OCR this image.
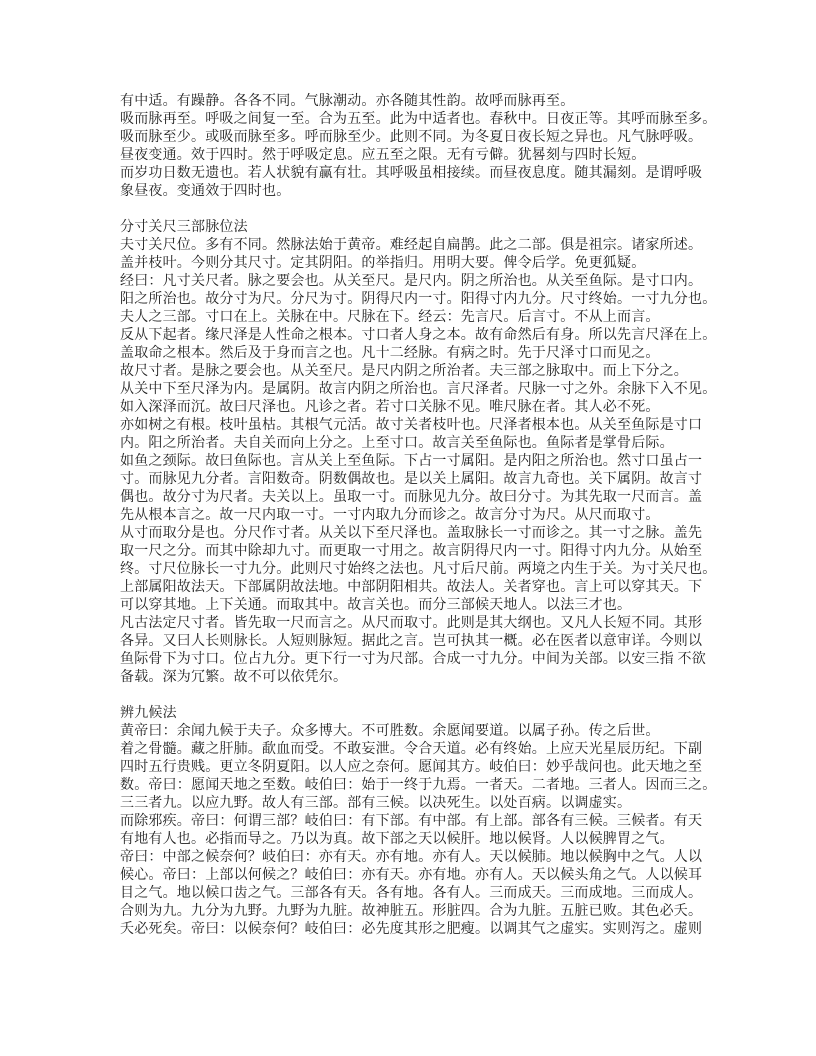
有中适。有躁静。各各不同。气脉潮动。亦各随其性韵。故呼而脉再至。
吸而脉再至。呼吸之间复一至。合为五至。此为中适者也。春秋中。日夜正等。其呼而脉至多。
吸而脉至少。或吸而脉至多。呼而脉至少。此则不同。为冬夏日夜长短之异也。凡气脉呼吸。
昼夜变通。效于四时。然于呼吸定息。应五至之限。无有亏僻。犹晷刻与四时长短。
而岁功日数无遗也。若人状貌有赢有壮。其呼吸虽相接续。而昼夜息度。随其漏刻。是谓呼吸
象昼夜。变通效于四时也。
分寸关尺三部脉位法
夫寸关尺位。多有不同。然脉法始于黄帝。难经起自扁鹊。此之二部。俱是祖宗。诸家所述。
盖并枝叶。今则分其尺寸。定其阴阳。的举指归。用明大要。俾令后学。免更狐疑。
经曰：凡寸关尺者。脉之要会也。从关至尺。是尺内。阴之所治也。从关至鱼际。是寸口内。
阳之所治也。故分寸为尺。分尺为寸。阴得尺内一寸。阳得寸内九分。尺寸终始。一寸九分也。
夫人之三部。寸口在上。关脉在中。尺脉在下。经云：先言尺。后言寸。不从上而言。
反从下起者。缘尺泽是人性命之根本。寸口者人身之本。故有命然后有身。所以先言尺泽在上。
盖取命之根本。然后及于身而言之也。凡十二经脉。有病之时。先于尺泽寸口而见之。
故尺寸者。是脉之要会也。从关至尺。是尺内阴之所治者。夫三部之脉取中。而上下分之。
从关中下至尺泽为内。是属阴。故言内阴之所治也。言尺泽者。尺脉一寸之外。余脉下入不见。
如入深泽而沉。故曰尺泽也。凡诊之者。若寸口关脉不见。唯尺脉在者。其人必不死。
亦如树之有根。枝叶虽枯。其根气元活。故寸关者枝叶也。尺泽者根本也。从关至鱼际是寸口
内。阳之所治者。夫自关而向上分之。上至寸口。故言关至鱼际也。鱼际者是掌骨后际。
如鱼之颈际。故曰鱼际也。言从关上至鱼际。下占一寸属阳。是内阳之所治也。然寸口虽占一
寸。而脉见九分者。言阳数奇。阴数偶故也。是以关上属阳。故言九奇也。关下属阴。故言寸
偶也。故分寸为尺者。夫关以上。虽取一寸。而脉见九分。故曰分寸。为其先取一尺而言。盖
先从根本言之。故一尺内取一寸。一寸内取九分而诊之。故言分寸为尺。从尺而取寸。
从寸而取分是也。分尺作寸者。从关以下至尺泽也。盖取脉长一寸而诊之。其一寸之脉。盖先
取一尺之分。而其中除却九寸。而更取一寸用之。故言阴得尺内一寸。阳得寸内九分。从始至
终。寸尺位脉长一寸九分。此则尺寸始终之法也。凡寸后尺前。两境之内生于关。为寸关尺也。
上部属阳故法天。下部属阴故法地。中部阴阳相共。故法人。关者穿也。言上可以穿其天。下
可以穿其地。上下关通。而取其中。故言关也。而分三部候天地人。以法三才也。
凡古法定尺寸者。皆先取一尺而言之。从尺而取寸。此则是其大纲也。又凡人长短不同。其形
各异。又曰人长则脉长。人短则脉短。据此之言。岂可执其一概。必在医者以意审详。今则以
鱼际骨下为寸口。位占九分。更下行一寸为尺部。合成一寸九分。中间为关部。以安三指 不欲
备载。深为冗繁。故不可以依凭尔。
辨九候法
黄帝曰：余闻九候于夫子。众多博大。不可胜数。余愿闻要道。以属子孙。传之后世。
着之骨髓。藏之肝肺。歃血而受。不敢妄泄。令合天道。必有终始。上应天光星辰历纪。下副
四时五行贵贱。更立冬阴夏阳。以人应之奈何。愿闻其方。岐伯曰：妙乎哉问也。此天地之至
数。帝曰：愿闻天地之至数。岐伯曰：始于一终于九焉。一者天。二者地。三者人。因而三之。
三三者九。以应九野。故人有三部。部有三候。以决死生。以处百病。以调虚实。
而除邪疾。帝曰：何谓三部？岐伯曰：有下部。有中部。有上部。部各有三候。三候者。有天
有地有人也。必指而导之。乃以为真。故下部之天以候肝。地以候肾。人以候脾胃之气。
帝曰：中部之候奈何？岐伯曰：亦有天。亦有地。亦有人。天以候肺。地以候胸中之气。人以
候心。帝曰：上部以何候之？岐伯曰：亦有天。亦有地。亦有人。天以候头角之气。人以候耳
目之气。地以候口齿之气。三部各有天。各有地。各有人。三而成天。三而成地。三而成人。
合则为九。九分为九野。九野为九脏。故神脏五。形脏四。合为九脏。五脏已败。其色必夭。
夭必死矣。帝曰：以候奈何？岐伯曰：必先度其形之肥瘦。以调其气之虚实。实则泻之。虚则
